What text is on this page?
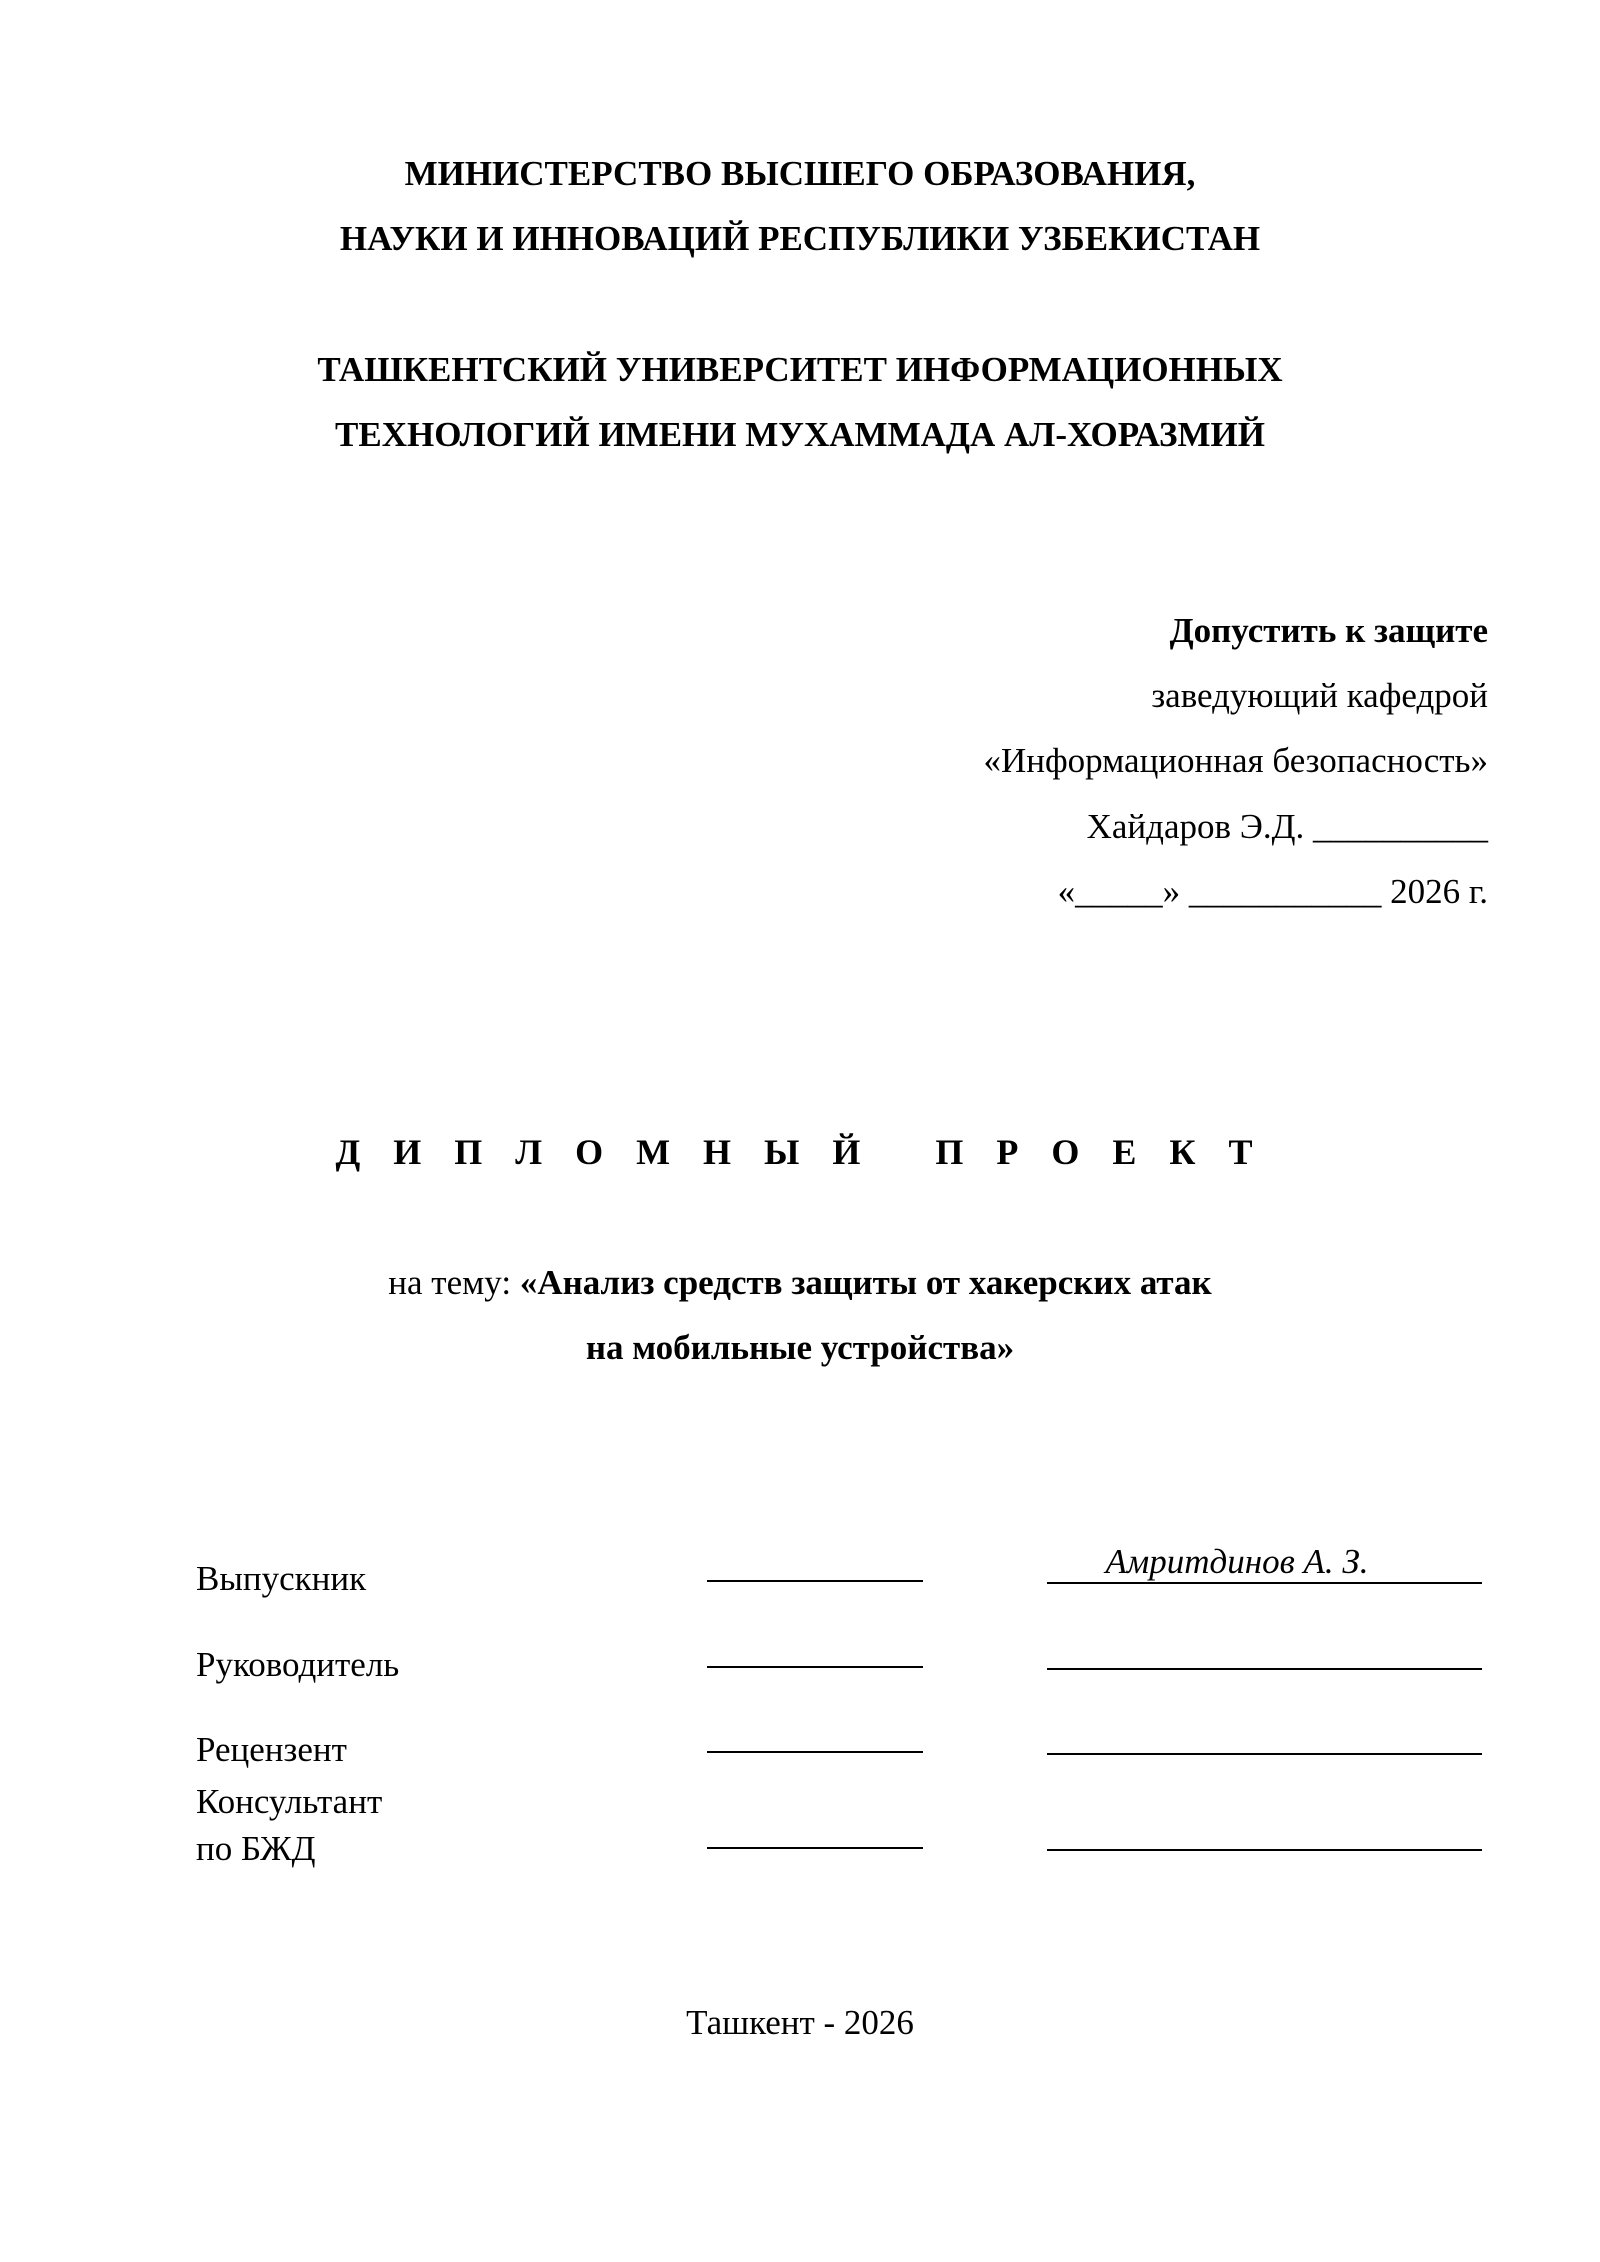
МИНИСТЕРСТВО ВЫСШЕГО ОБРАЗОВАНИЯ,
НАУКИ И ИННОВАЦИЙ РЕСПУБЛИКИ УЗБЕКИСТАН
ТАШКЕНТСКИЙ УНИВЕРСИТЕТ ИНФОРМАЦИОННЫХ
ТЕХНОЛОГИЙ ИМЕНИ МУХАММАДА АЛ-ХОРАЗМИЙ
Допустить к защите
заведующий кафедрой
«Информационная безопасность»
Хайдаров Э.Д. __________
«_____» ___________ 2026 г.
Д И П Л О М Н Ы Й   П Р О Е К Т
на тему: «Анализ средств защиты от хакерских атак
на мобильные устройства»
Амритдинов А. З.
Выпускник
Руководитель
Рецензент
Консультант
по БЖД
Ташкент - 2026
